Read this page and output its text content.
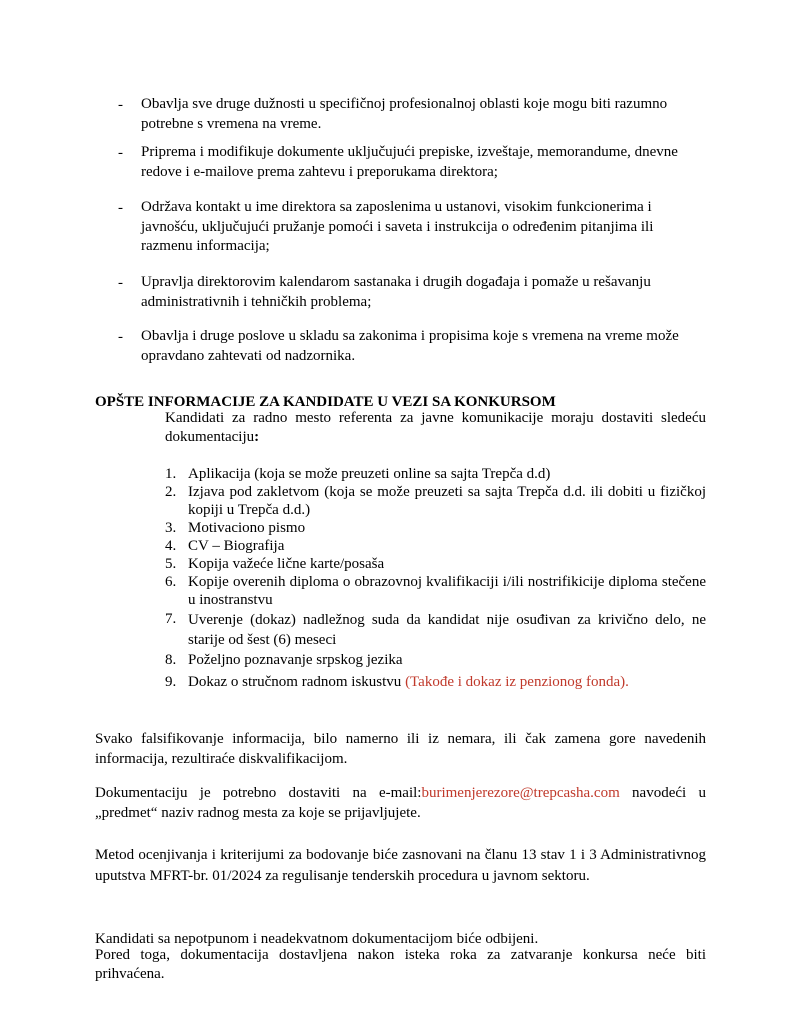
- Obavlja sve druge dužnosti u specifičnoj profesionalnoj oblasti koje mogu biti razumno potrebne s vremena na vreme.
- Priprema i modifikuje dokumente uključujući prepiske, izveštaje, memorandume, dnevne redove i e-mailove prema zahtevu i preporukama direktora;
- Održava kontakt u ime direktora sa zaposlenima u ustanovi, visokim funkcionerima i javnošću, uključujući pružanje pomoći i saveta i instrukcija o određenim pitanjima ili razmenu informacija;
- Upravlja direktorovim kalendarom sastanaka i drugih događaja i pomaže u rešavanju administrativnih i tehničkih problema;
- Obavlja i druge poslove u skladu sa zakonima i propisima koje s vremena na vreme može opravdano zahtevati od nadzornika.
OPŠTE INFORMACIJE ZA KANDIDATE U VEZI SA KONKURSOM
Kandidati za radno mesto referenta za javne komunikacije moraju dostaviti sledeću dokumentaciju:
1. Aplikacija (koja se može preuzeti online sa sajta Trepča d.d)
2. Izjava pod zakletvom (koja se može preuzeti sa sajta Trepča d.d. ili dobiti u fizičkoj kopiji u Trepča d.d.)
3. Motivaciono pismo
4. CV – Biografija
5. Kopija važeće lične karte/posaša
6. Kopije overenih diploma o obrazovnoj kvalifikaciji i/ili nostrifikicije diploma stečene u inostranstvu
7. Uverenje (dokaz) nadležnog suda da kandidat nije osuđivan za krivično delo, ne starije od šest (6) meseci
8. Poželjno poznavanje srpskog jezika
9. Dokaz o stručnom radnom iskustvu (Takođe i dokaz iz penzionog fonda).
Svako falsifikovanje informacija, bilo namerno ili iz nemara, ili čak zamena gore navedenih informacija, rezultiraće diskvalifikacijom.
Dokumentaciju je potrebno dostaviti na e-mail:burimenjerezore@trepcasha.com navodeći u „predmet“ naziv radnog mesta za koje se prijavljujete.
Metod ocenjivanja i kriterijumi za bodovanje biće zasnovani na članu 13 stav 1 i 3 Administrativnog uputstva MFRT-br. 01/2024 za regulisanje tenderskih procedura u javnom sektoru.
Kandidati sa nepotpunom i neadekvatnom dokumentacijom biće odbijeni.
Pored toga, dokumentacija dostavljena nakon isteka roka za zatvaranje konkursa neće biti prihvaćena.
